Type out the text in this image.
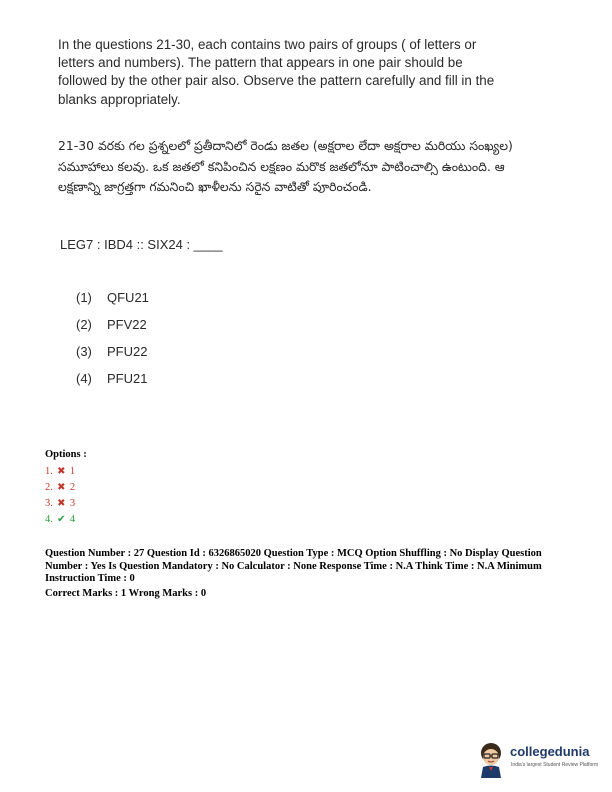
In the questions 21-30, each contains two pairs of groups ( of letters or letters and numbers). The pattern that appears in one pair should be followed by the other pair also. Observe the pattern carefully and fill in the blanks appropriately.
21-30 వరకు గల ప్రశ్నలలో ప్రతీదానిలో రెండు జతల (అక్షరాల లేదా అక్షరాల మరియు సంఖ్యల) సమూహాలు కలవు. ఒక జతలో కనిపించిన లక్షణం మరొక జతలోనూ పాటించాల్సి ఉంటుంది. ఆ లక్షణాన్ని జాగ్రత్తగా గమనించి ఖాళీలను సరైన వాటితో పూరించండి.
LEG7 : IBD4 :: SIX24 : ____
(1)	QFU21
(2)	PFV22
(3)	PFU22
(4)	PFU21
Options :
1. ✖ 1
2. ✖ 2
3. ✖ 3
4. ✔ 4
Question Number : 27 Question Id : 6326865020 Question Type : MCQ Option Shuffling : No Display Question Number : Yes Is Question Mandatory : No Calculator : None Response Time : N.A Think Time : N.A Minimum Instruction Time : 0
Correct Marks : 1 Wrong Marks : 0
collegedunia
India's largest Student Review Platform
